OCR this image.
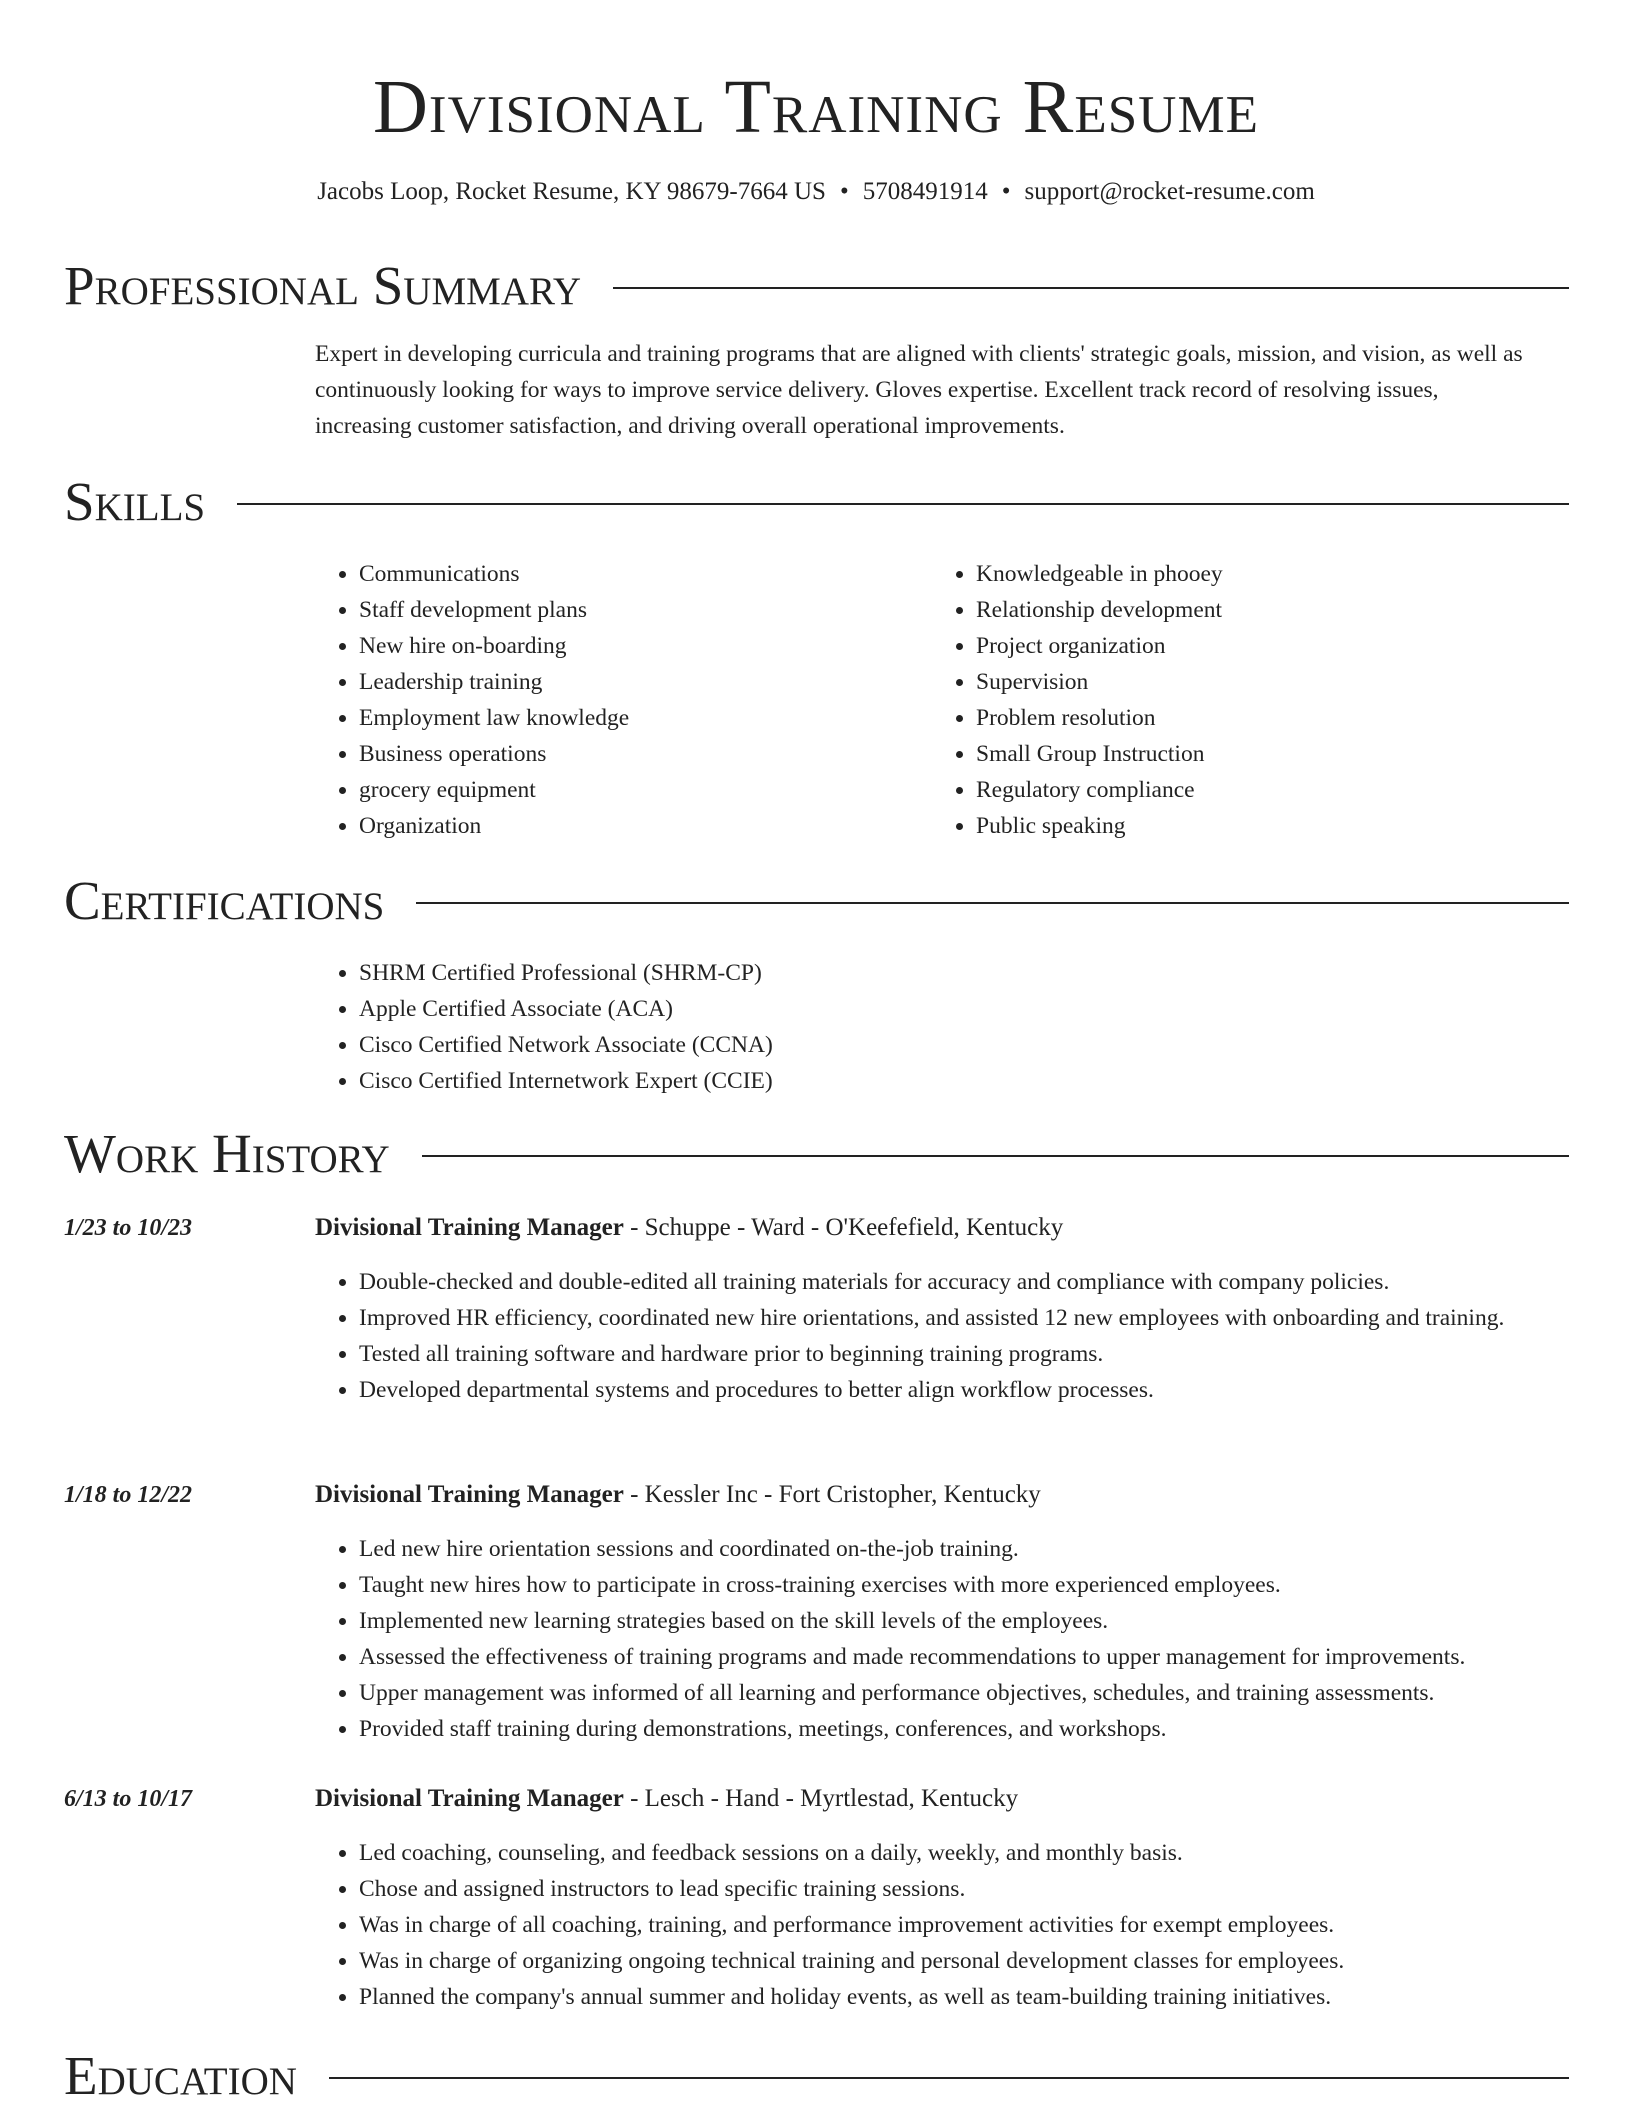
Divisional Training Resume
Jacobs Loop, Rocket Resume, KY 98679-7664 US • 5708491914 • support@rocket-resume.com
Professional Summary
Expert in developing curricula and training programs that are aligned with clients' strategic goals, mission, and vision, as well as continuously looking for ways to improve service delivery. Gloves expertise. Excellent track record of resolving issues, increasing customer satisfaction, and driving overall operational improvements.
Skills
• Communications
• Staff development plans
• New hire on-boarding
• Leadership training
• Employment law knowledge
• Business operations
• grocery equipment
• Organization
• Knowledgeable in phooey
• Relationship development
• Project organization
• Supervision
• Problem resolution
• Small Group Instruction
• Regulatory compliance
• Public speaking
Certifications
• SHRM Certified Professional (SHRM-CP)
• Apple Certified Associate (ACA)
• Cisco Certified Network Associate (CCNA)
• Cisco Certified Internetwork Expert (CCIE)
Work History
1/23 to 10/23	Divisional Training Manager - Schuppe - Ward - O'Keefefield, Kentucky
• Double-checked and double-edited all training materials for accuracy and compliance with company policies.
• Improved HR efficiency, coordinated new hire orientations, and assisted 12 new employees with onboarding and training.
• Tested all training software and hardware prior to beginning training programs.
• Developed departmental systems and procedures to better align workflow processes.
1/18 to 12/22	Divisional Training Manager - Kessler Inc - Fort Cristopher, Kentucky
• Led new hire orientation sessions and coordinated on-the-job training.
• Taught new hires how to participate in cross-training exercises with more experienced employees.
• Implemented new learning strategies based on the skill levels of the employees.
• Assessed the effectiveness of training programs and made recommendations to upper management for improvements.
• Upper management was informed of all learning and performance objectives, schedules, and training assessments.
• Provided staff training during demonstrations, meetings, conferences, and workshops.
6/13 to 10/17	Divisional Training Manager - Lesch - Hand - Myrtlestad, Kentucky
• Led coaching, counseling, and feedback sessions on a daily, weekly, and monthly basis.
• Chose and assigned instructors to lead specific training sessions.
• Was in charge of all coaching, training, and performance improvement activities for exempt employees.
• Was in charge of organizing ongoing technical training and personal development classes for employees.
• Planned the company's annual summer and holiday events, as well as team-building training initiatives.
Education
